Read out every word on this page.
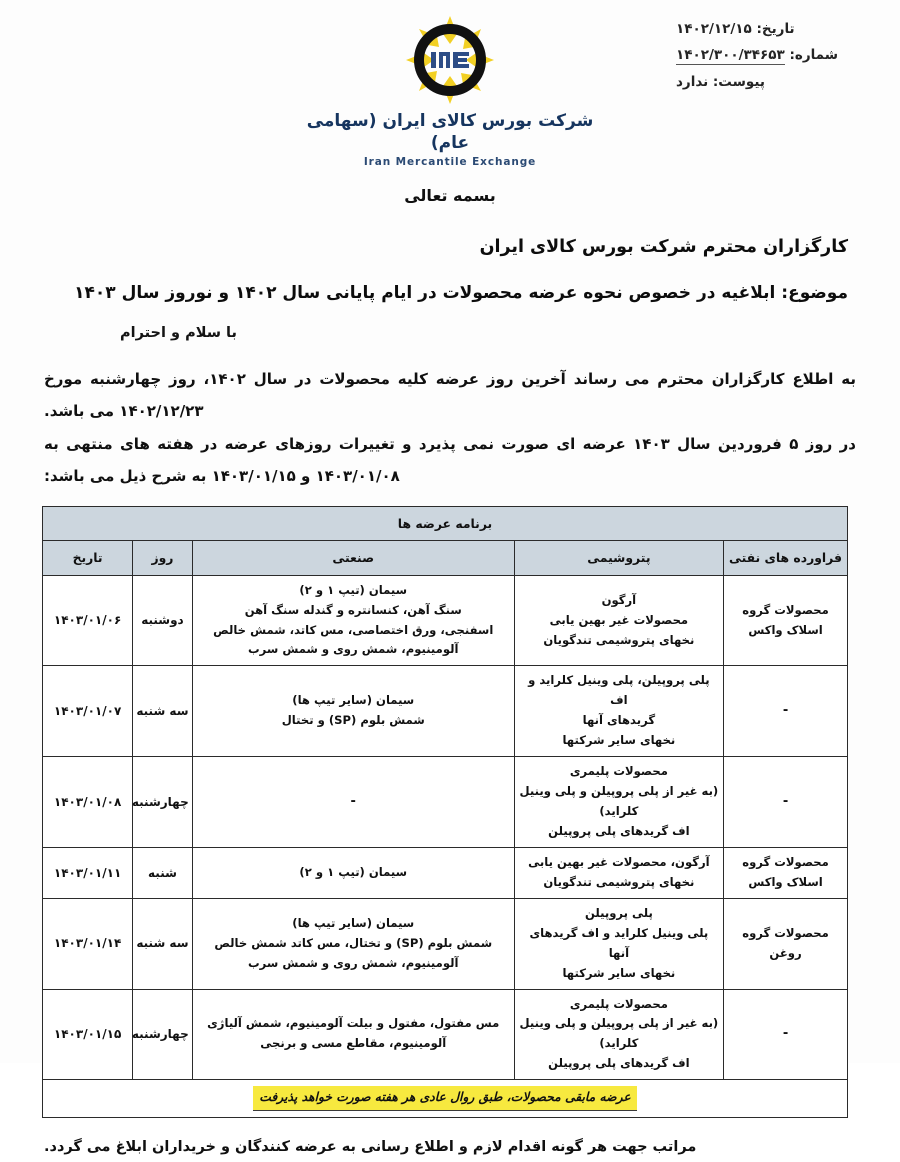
تاریخ: ۱۴۰۲/۱۲/۱۵
شماره: ۱۴۰۲/۳۰۰/۳۴۶۵۳
پیوست: ندارد
شرکت بورس کالای ایران (سهامی عام)
Iran Mercantile Exchange
بسمه تعالی
کارگزاران محترم شرکت بورس کالای ایران
موضوع: ابلاغیه در خصوص نحوه عرضه محصولات در ایام پایانی سال ۱۴۰۲ و نوروز سال ۱۴۰۳
با سلام و احترام

به اطلاع کارگزاران محترم می رساند آخرین روز عرضه کلیه محصولات در سال ۱۴۰۲، روز چهارشنبه مورخ ۱۴۰۲/۱۲/۲۳ می باشد.

در روز ۵ فروردین سال ۱۴۰۳ عرضه ای صورت نمی پذیرد و تغییرات روزهای عرضه در هفته های منتهی به ۱۴۰۳/۰۱/۰۸ و ۱۴۰۳/۰۱/۱۵ به شرح ذیل می باشد:

برنامه عرضه ها				
فراورده های نفتی	پتروشیمی	صنعتی	روز	تاریخ

محصولات گروه
اسلاک واکس	آرگون
محصولات غیر بهین یابی
نخهای پتروشیمی تندگویان	سیمان (تیپ ۱ و ۲)
سنگ آهن، کنسانتره و گندله سنگ آهن
اسفنجی، ورق اختصاصی، مس کاتد، شمش خالص
آلومینیوم، شمش روی و شمش سرب	دوشنبه	۱۴۰۳/۰۱/۰۶

-	پلی پروپیلن، پلی وینیل کلراید و اف
گریدهای آنها
نخهای سایر شرکتها	سیمان (سایر تیپ ها)
شمش بلوم (SP) و تختال	سه شنبه	۱۴۰۳/۰۱/۰۷

-	محصولات پلیمری
(به غیر از پلی پروپیلن و پلی وینیل کلراید)
اف گریدهای پلی پروپیلن	-	چهارشنبه	۱۴۰۳/۰۱/۰۸

محصولات گروه
اسلاک واکس	آرگون، محصولات غیر بهین یابی
نخهای پتروشیمی تندگویان	سیمان (تیپ ۱ و ۲)	شنبه	۱۴۰۳/۰۱/۱۱

محصولات گروه
روغن	پلی پروپیلن
پلی وینیل کلراید و اف گریدهای آنها
نخهای سایر شرکتها	سیمان (سایر تیپ ها)
شمش بلوم (SP) و تختال، مس کاتد شمش خالص
آلومینیوم، شمش روی و شمش سرب	سه شنبه	۱۴۰۳/۰۱/۱۴

-	محصولات پلیمری
(به غیر از پلی پروپیلن و پلی وینیل کلراید)
اف گریدهای پلی پروپیلن	مس مفتول، مفتول و بیلت آلومینیوم، شمش آلیاژی
آلومینیوم، مقاطع مسی و برنجی	چهارشنبه	۱۴۰۳/۰۱/۱۵
عرضه مابقی محصولات، طبق روال عادی هر هفته صورت خواهد پذیرفت				
مراتب جهت هر گونه اقدام لازم و اطلاع رسانی به عرضه کنندگان و خریداران ابلاغ می گردد.
